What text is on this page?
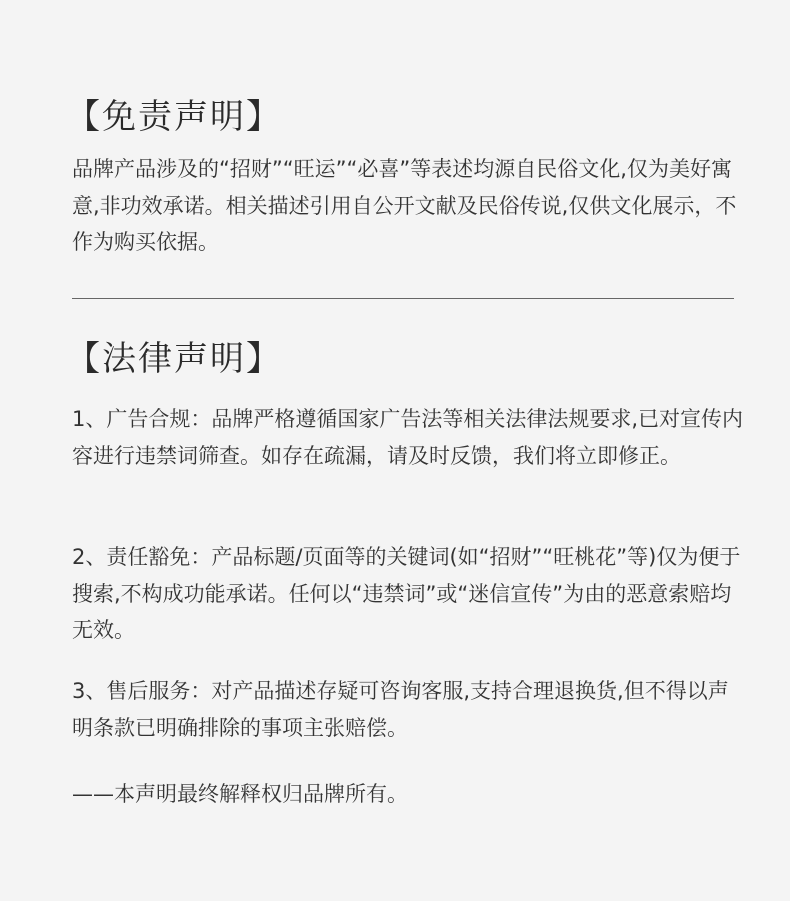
【免责声明】

品牌产品涉及的“招财”“旺运”“必喜”等表述均源自民俗文化,仅为美好寓意,非功效承诺。相关描述引用自公开文献及民俗传说,仅供文化展示，不作为购买依据。

【法律声明】

1、广告合规：品牌严格遵循国家广告法等相关法律法规要求,已对宣传内容进行违禁词筛查。如存在疏漏，请及时反馈，我们将立即修正。

2、责任豁免：产品标题/页面等的关键词(如“招财”“旺桃花”等)仅为便于搜索,不构成功能承诺。任何以“违禁词”或“迷信宣传”为由的恶意索赔均无效。

3、售后服务：对产品描述存疑可咨询客服,支持合理退换货,但不得以声明条款已明确排除的事项主张赔偿。

——本声明最终解释权归品牌所有。
